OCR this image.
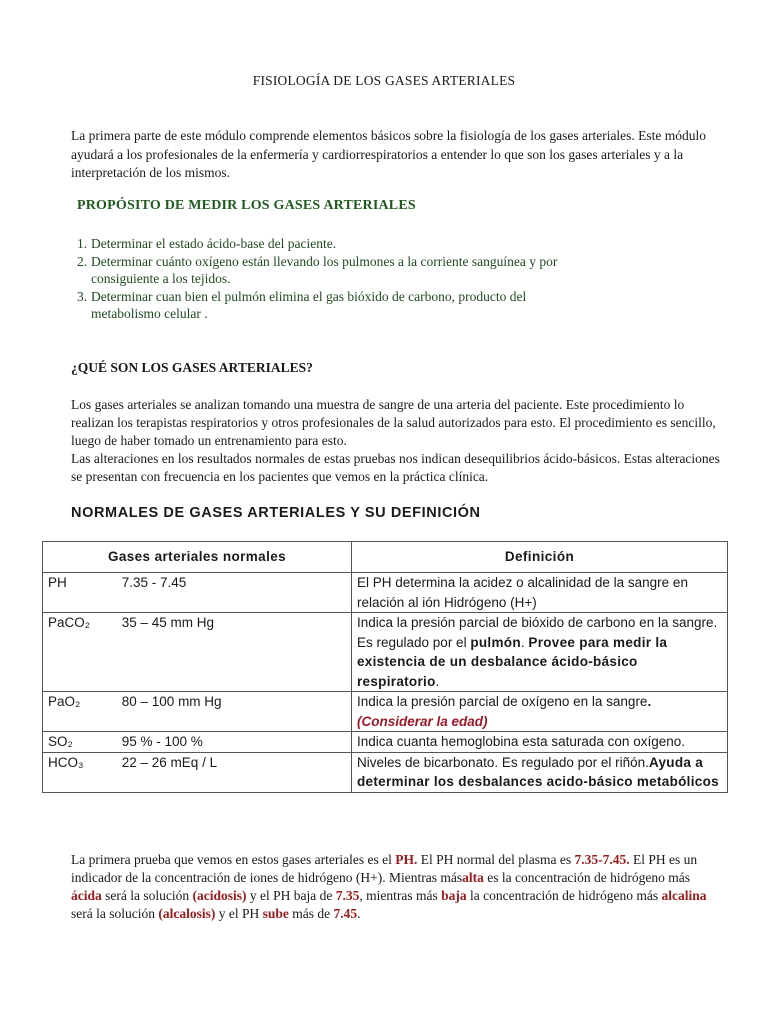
FISIOLOGÍA DE LOS GASES ARTERIALES
La primera parte de este módulo comprende elementos básicos sobre la fisiología de los gases arteriales. Este módulo ayudará a los profesionales de la enfermería y cardiorrespiratorios a entender lo que son los gases arteriales y a la interpretación de los mismos.
PROPÓSITO DE MEDIR LOS GASES ARTERIALES
1. Determinar el estado ácido-base del paciente.
2. Determinar cuánto oxígeno están llevando los pulmones a la corriente sanguínea y por consiguiente a los tejidos.
3. Determinar cuan bien el pulmón elimina el gas bióxido de carbono, producto del metabolismo celular .
¿QUÉ SON LOS GASES ARTERIALES?
Los gases arteriales se analizan tomando una muestra de sangre de una arteria del paciente. Este procedimiento lo realizan los terapistas respiratorios y otros profesionales de la salud autorizados para esto. El procedimiento es sencillo, luego de haber tomado un entrenamiento para esto.
Las alteraciones en los resultados normales de estas pruebas nos indican desequilibrios ácido-básicos. Estas alteraciones se presentan con frecuencia en los pacientes que vemos en la práctica clínica.
NORMALES DE GASES ARTERIALES Y SU DEFINICIÓN
Gases arteriales normales	Definición
PH 7.35 - 7.45	El PH determina la acidez o alcalinidad de la sangre en relación al ión Hidrógeno (H+)
PaCO₂ 35 – 45 mm Hg	Indica la presión parcial de bióxido de carbono en la sangre. Es regulado por el pulmón. Provee para medir la existencia de un desbalance ácido-básico respiratorio.
PaO₂ 80 – 100 mm Hg	Indica la presión parcial de oxígeno en la sangre.
(Considerar la edad)
SO₂ 95 % - 100 %	Indica cuanta hemoglobina esta saturada con oxígeno.
HCO₃ 22 – 26 mEq / L	Niveles de bicarbonato. Es regulado por el riñón.Ayuda a determinar los desbalances acido-básico metabólicos
La primera prueba que vemos en estos gases arteriales es el PH. El PH normal del plasma es 7.35-7.45. El PH es un indicador de la concentración de iones de hidrógeno (H+). Mientras másalta es la concentración de hidrógeno más ácida será la solución (acidosis) y el PH baja de 7.35, mientras más baja la concentración de hidrógeno más alcalina será la solución (alcalosis) y el PH sube más de 7.45.
